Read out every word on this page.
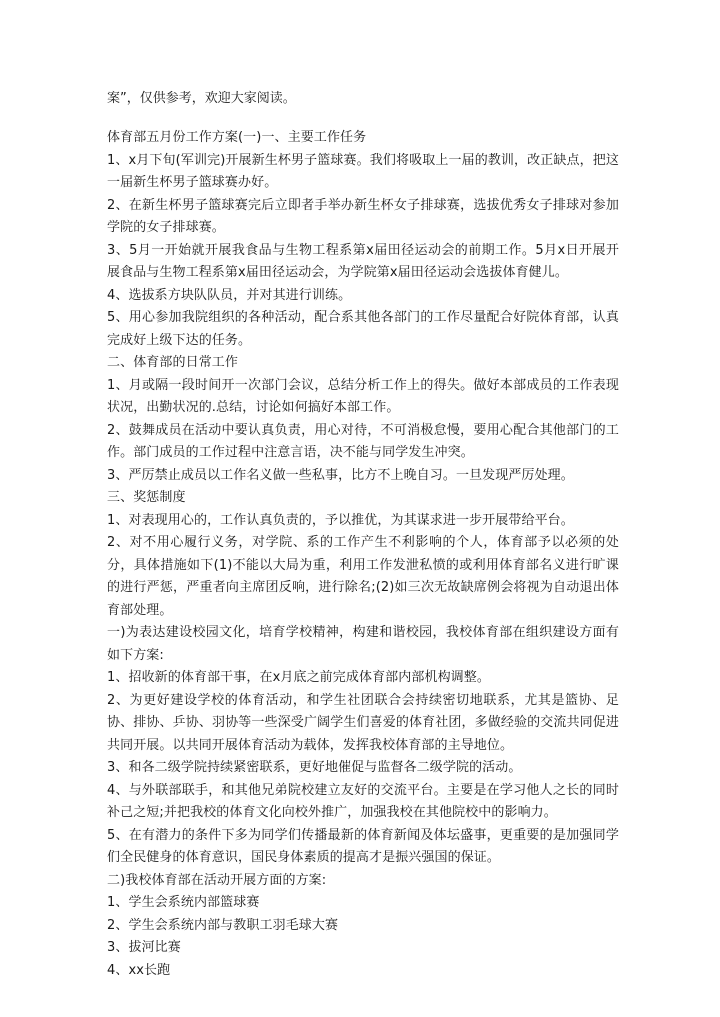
案”，仅供参考，欢迎大家阅读。

体育部五月份工作方案(一)一、主要工作任务

1、x月下旬(军训完)开展新生杯男子篮球赛。我们将吸取上一届的教训，改正缺点，把这一届新生杯男子篮球赛办好。

2、在新生杯男子篮球赛完后立即者手举办新生杯女子排球赛，选拔优秀女子排球对参加学院的女子排球赛。

3、5月一开始就开展我食品与生物工程系第x届田径运动会的前期工作。5月x日开展开展食品与生物工程系第x届田径运动会，为学院第x届田径运动会选拔体育健儿。

4、选拔系方块队队员，并对其进行训练。

5、用心参加我院组织的各种活动，配合系其他各部门的工作尽量配合好院体育部，认真完成好上级下达的任务。

二、体育部的日常工作

1、月或隔一段时间开一次部门会议，总结分析工作上的得失。做好本部成员的工作表现状况，出勤状况的.总结，讨论如何搞好本部工作。

2、鼓舞成员在活动中要认真负责，用心对待，不可消极怠慢，要用心配合其他部门的工作。部门成员的工作过程中注意言语，决不能与同学发生冲突。

3、严厉禁止成员以工作名义做一些私事，比方不上晚自习。一旦发现严厉处理。

三、奖惩制度

1、对表现用心的，工作认真负责的，予以推优，为其谋求进一步开展带给平台。

2、对不用心履行义务，对学院、系的工作产生不利影响的个人，体育部予以必须的处分，具体措施如下(1)不能以大局为重，利用工作发泄私愤的或利用体育部名义进行旷课的进行严惩，严重者向主席团反响，进行除名;(2)如三次无故缺席例会将视为自动退出体育部处理。

一)为表达建设校园文化，培育学校精神，构建和谐校园，我校体育部在组织建设方面有如下方案:

1、招收新的体育部干事，在x月底之前完成体育部内部机构调整。

2、为更好建设学校的体育活动，和学生社团联合会持续密切地联系，尤其是篮协、足协、排协、乒协、羽协等一些深受广阔学生们喜爱的体育社团，多做经验的交流共同促进共同开展。以共同开展体育活动为载体，发挥我校体育部的主导地位。

3、和各二级学院持续紧密联系，更好地催促与监督各二级学院的活动。

4、与外联部联手，和其他兄弟院校建立友好的交流平台。主要是在学习他人之长的同时补己之短;并把我校的体育文化向校外推广，加强我校在其他院校中的影响力。

5、在有潜力的条件下多为同学们传播最新的体育新闻及体坛盛事，更重要的是加强同学们全民健身的体育意识，国民身体素质的提高才是振兴强国的保证。

二)我校体育部在活动开展方面的方案:

1、学生会系统内部篮球赛

2、学生会系统内部与教职工羽毛球大赛

3、拔河比赛

4、xx长跑
